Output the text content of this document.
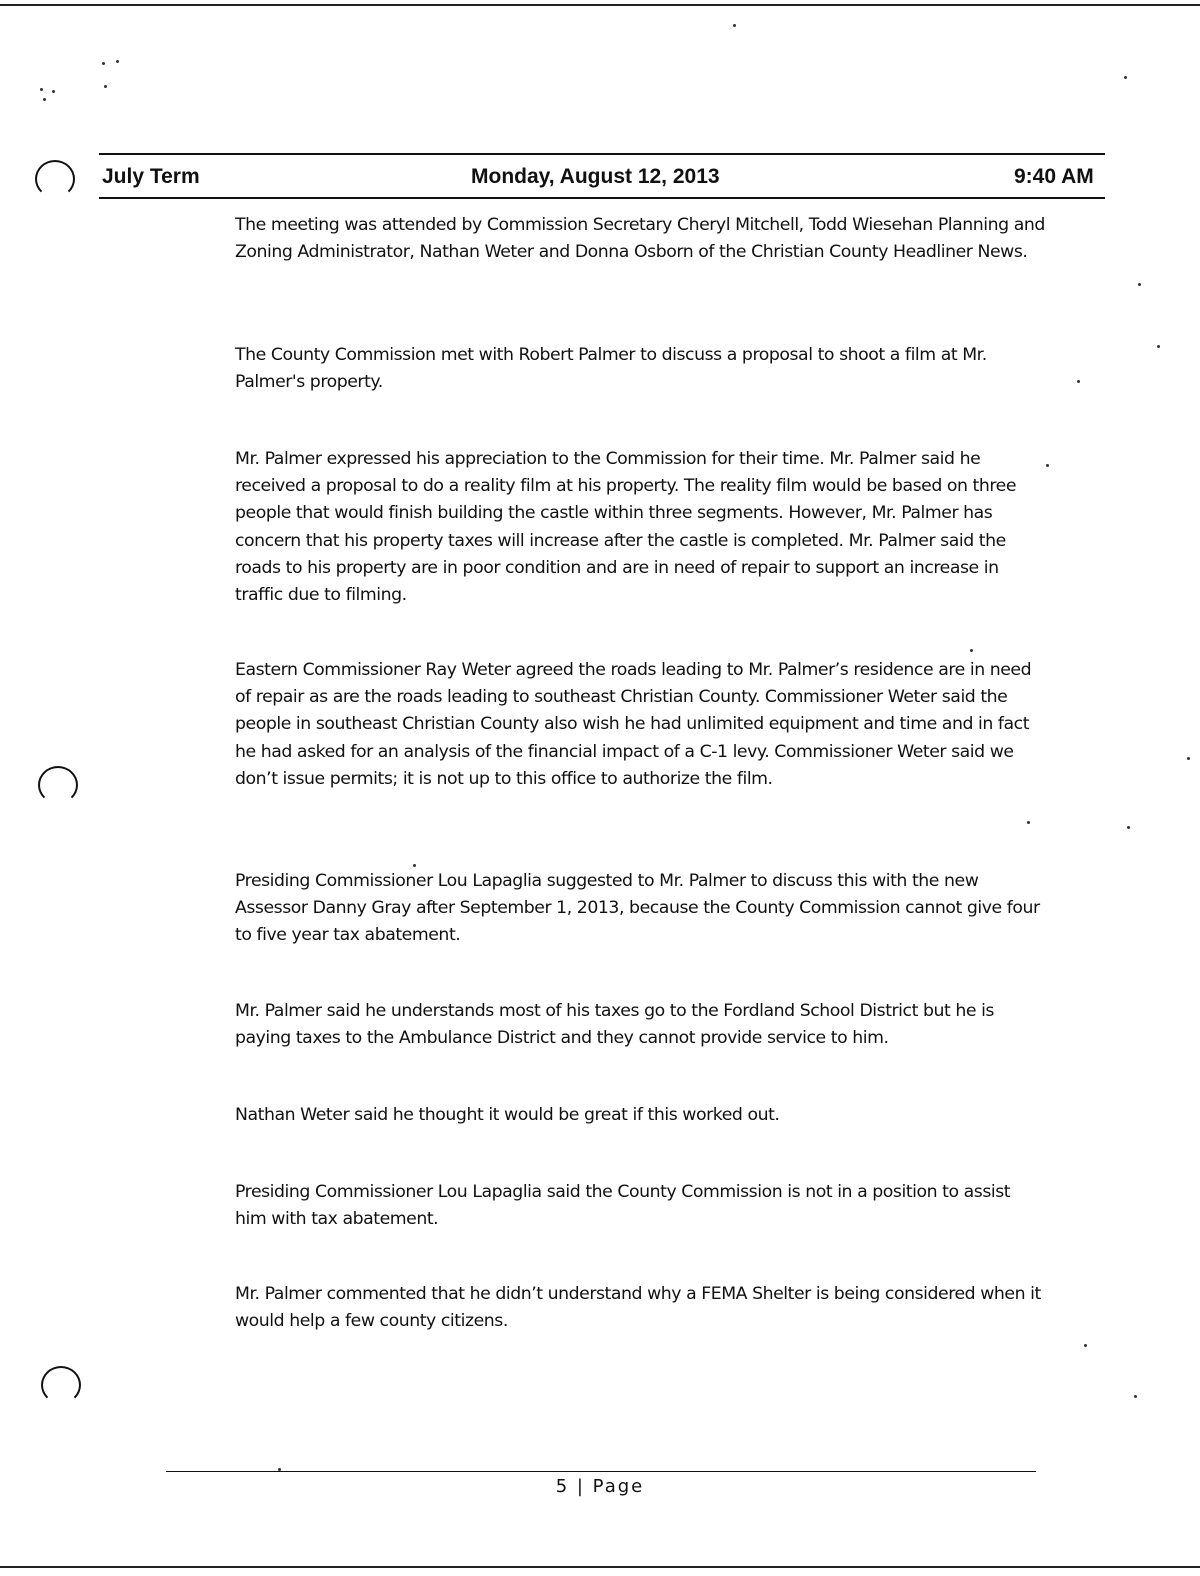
July Term	Monday, August 12, 2013	9:40 AM

The meeting was attended by Commission Secretary Cheryl Mitchell, Todd Wiesehan Planning and Zoning Administrator, Nathan Weter and Donna Osborn of the Christian County Headliner News.

The County Commission met with Robert Palmer to discuss a proposal to shoot a film at Mr. Palmer's property.

Mr. Palmer expressed his appreciation to the Commission for their time. Mr. Palmer said he received a proposal to do a reality film at his property. The reality film would be based on three people that would finish building the castle within three segments. However, Mr. Palmer has concern that his property taxes will increase after the castle is completed. Mr. Palmer said the roads to his property are in poor condition and are in need of repair to support an increase in traffic due to filming.

Eastern Commissioner Ray Weter agreed the roads leading to Mr. Palmer’s residence are in need of repair as are the roads leading to southeast Christian County. Commissioner Weter said the people in southeast Christian County also wish he had unlimited equipment and time and in fact he had asked for an analysis of the financial impact of a C-1 levy. Commissioner Weter said we don’t issue permits; it is not up to this office to authorize the film.

Presiding Commissioner Lou Lapaglia suggested to Mr. Palmer to discuss this with the new Assessor Danny Gray after September 1, 2013, because the County Commission cannot give four to five year tax abatement.

Mr. Palmer said he understands most of his taxes go to the Fordland School District but he is paying taxes to the Ambulance District and they cannot provide service to him.

Nathan Weter said he thought it would be great if this worked out.

Presiding Commissioner Lou Lapaglia said the County Commission is not in a position to assist him with tax abatement.

Mr. Palmer commented that he didn’t understand why a FEMA Shelter is being considered when it would help a few county citizens.

5 | Page
